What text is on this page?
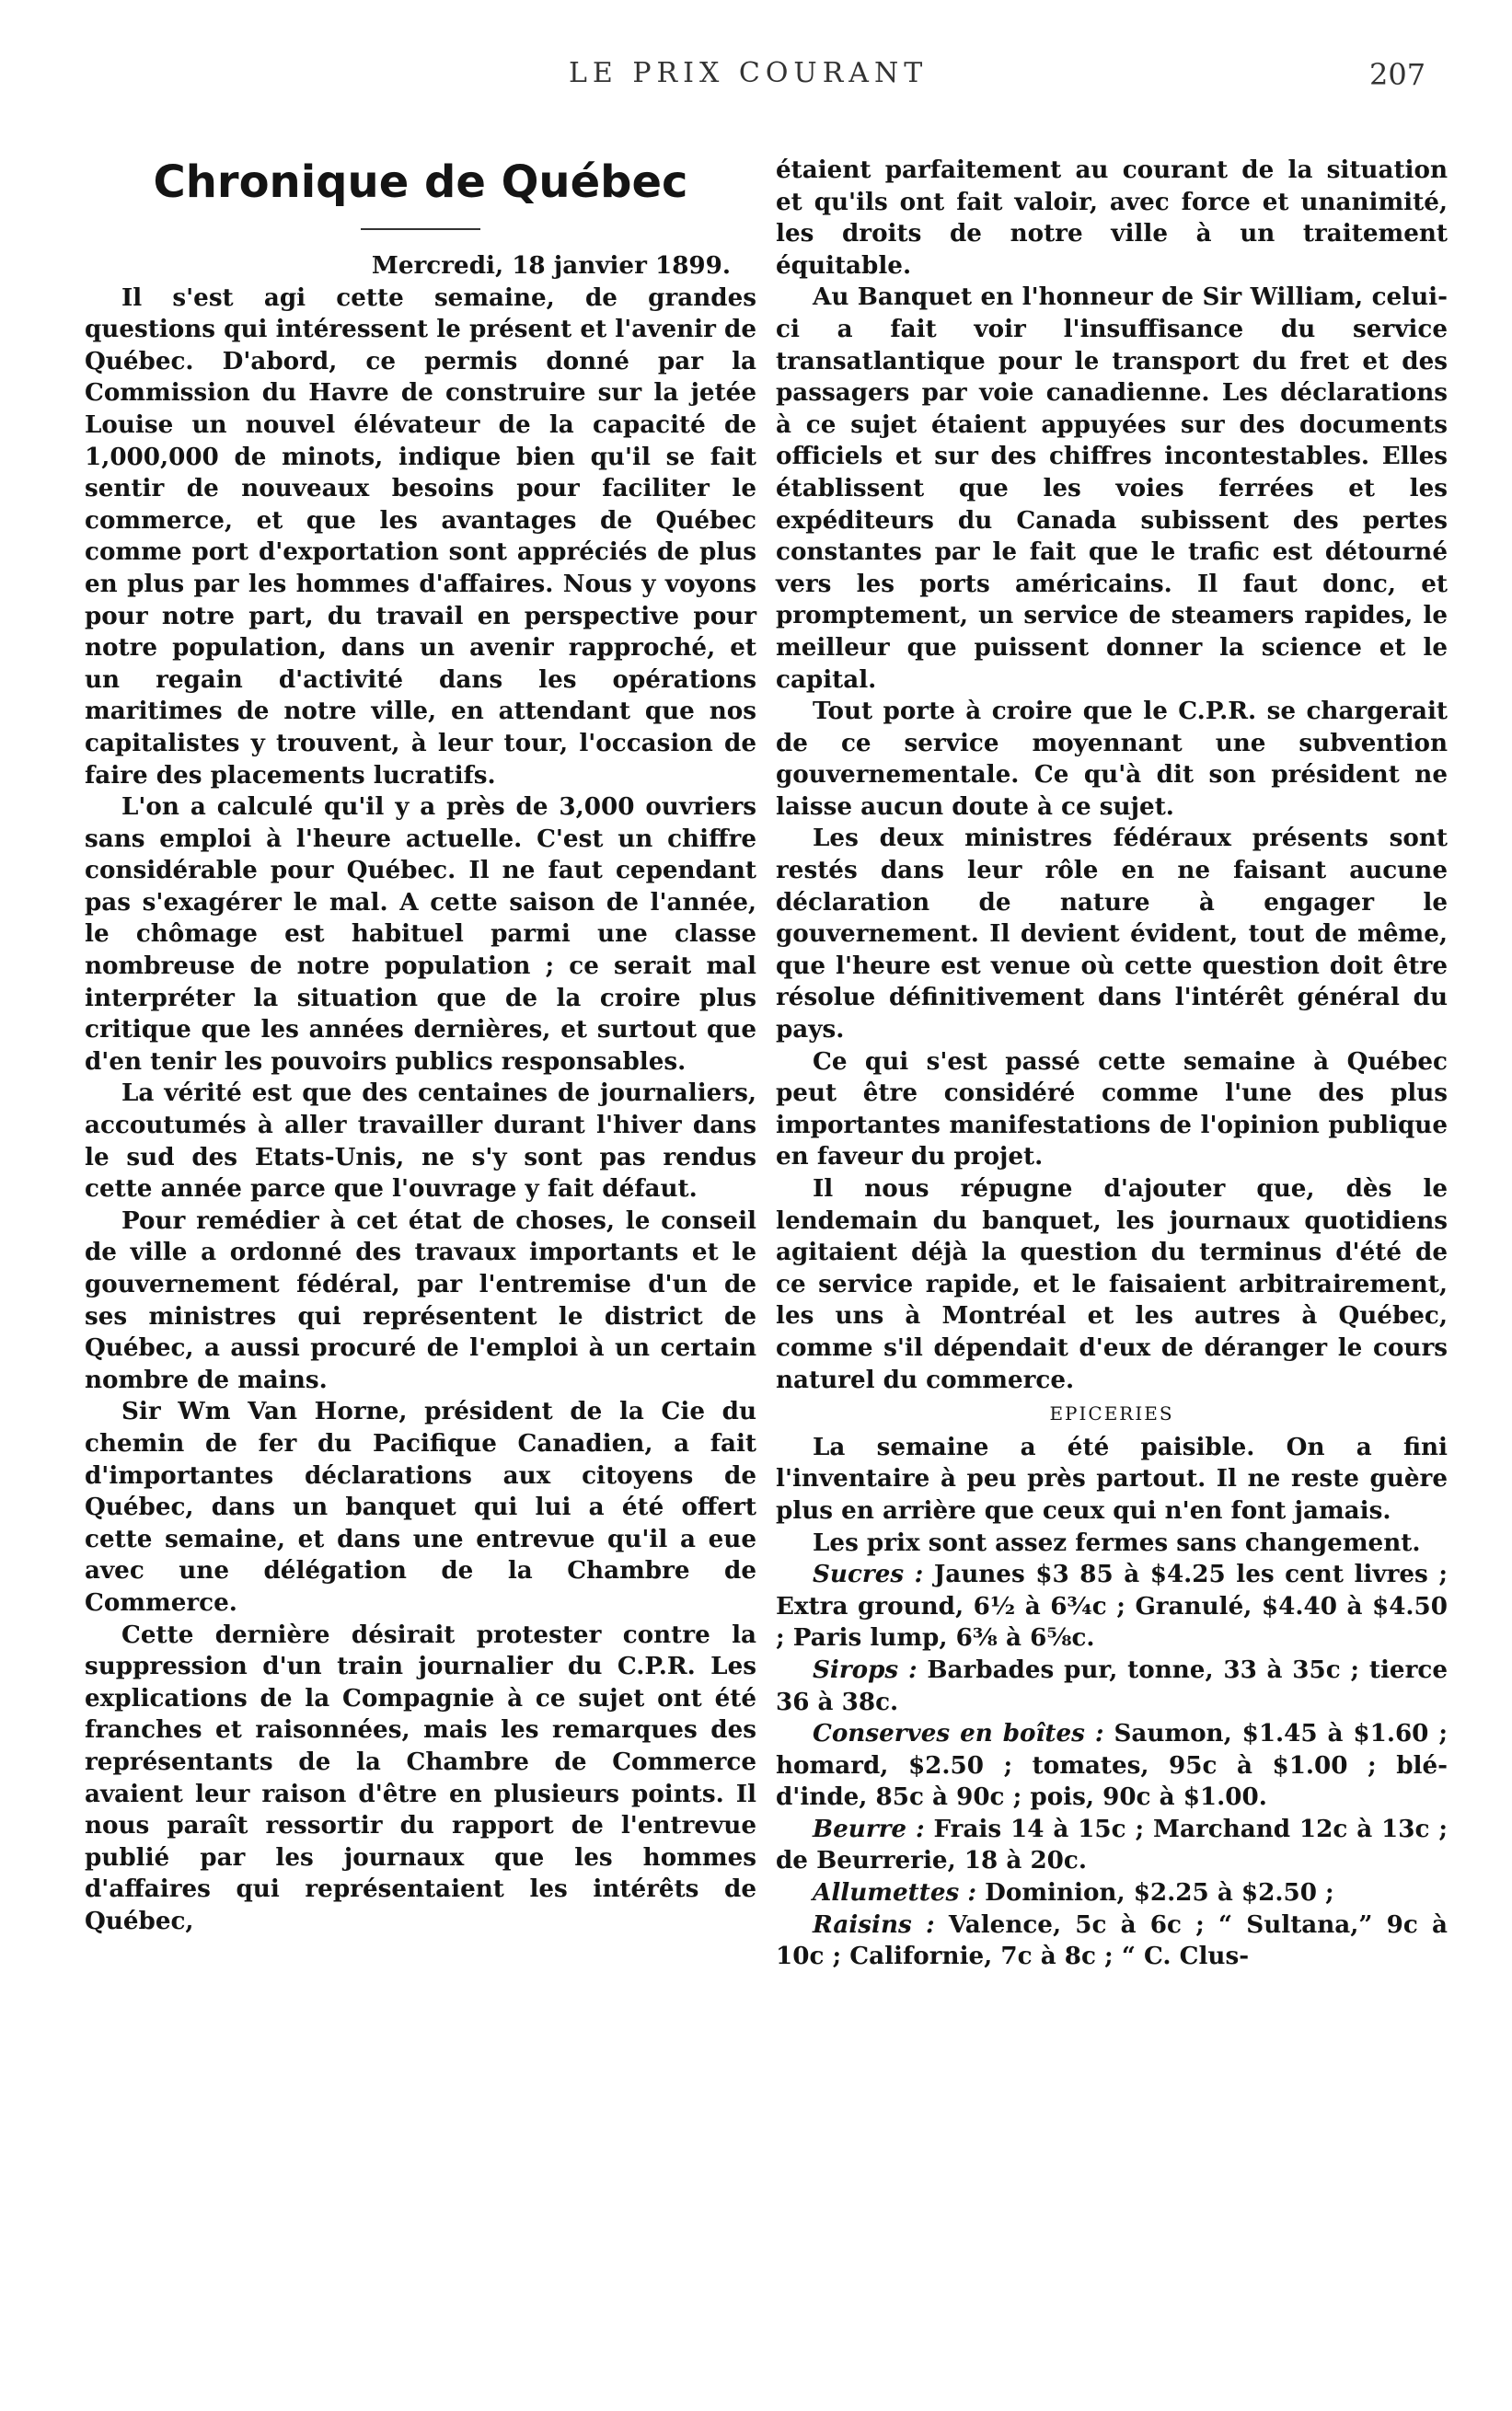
LE PRIX COURANT	207
Chronique de Québec

Mercredi, 18 janvier 1899.

Il s'est agi cette semaine, de grandes questions qui intéressent le présent et l'avenir de Québec. D'abord, ce permis donné par la Commission du Havre de construire sur la jetée Louise un nouvel élévateur de la capacité de 1,000,000 de minots, indique bien qu'il se fait sentir de nouveaux besoins pour faciliter le commerce, et que les avantages de Québec comme port d'exportation sont appréciés de plus en plus par les hommes d'affaires. Nous y voyons pour notre part, du travail en perspective pour notre population, dans un avenir rapproché, et un regain d'activité dans les opérations maritimes de notre ville, en attendant que nos capitalistes y trouvent, à leur tour, l'occasion de faire des placements lucratifs.

L'on a calculé qu'il y a près de 3,000 ouvriers sans emploi à l'heure actuelle. C'est un chiffre considérable pour Québec. Il ne faut cependant pas s'exagérer le mal. A cette saison de l'année, le chômage est habituel parmi une classe nombreuse de notre population ; ce serait mal interpréter la situation que de la croire plus critique que les années dernières, et surtout que d'en tenir les pouvoirs publics responsables.

La vérité est que des centaines de journaliers, accoutumés à aller travailler durant l'hiver dans le sud des Etats-Unis, ne s'y sont pas rendus cette année parce que l'ouvrage y fait défaut.

Pour remédier à cet état de choses, le conseil de ville a ordonné des travaux importants et le gouvernement fédéral, par l'entremise d'un de ses ministres qui représentent le district de Québec, a aussi procuré de l'emploi à un certain nombre de mains.

Sir Wm Van Horne, président de la Cie du chemin de fer du Pacifique Canadien, a fait d'importantes déclarations aux citoyens de Québec, dans un banquet qui lui a été offert cette semaine, et dans une entrevue qu'il a eue avec une délégation de la Chambre de Commerce.

Cette dernière désirait protester contre la suppression d'un train journalier du C.P.R. Les explications de la Compagnie à ce sujet ont été franches et raisonnées, mais les remarques des représentants de la Chambre de Commerce avaient leur raison d'être en plusieurs points. Il nous paraît ressortir du rapport de l'entrevue publié par les journaux que les hommes d'affaires qui représentaient les intérêts de Québec,

étaient parfaitement au courant de la situation et qu'ils ont fait valoir, avec force et unanimité, les droits de notre ville à un traitement équitable.

Au Banquet en l'honneur de Sir William, celui-ci a fait voir l'insuffisance du service transatlantique pour le transport du fret et des passagers par voie canadienne. Les déclarations à ce sujet étaient appuyées sur des documents officiels et sur des chiffres incontestables. Elles établissent que les voies ferrées et les expéditeurs du Canada subissent des pertes constantes par le fait que le trafic est détourné vers les ports américains. Il faut donc, et promptement, un service de steamers rapides, le meilleur que puissent donner la science et le capital.

Tout porte à croire que le C.P.R. se chargerait de ce service moyennant une subvention gouvernementale. Ce qu'à dit son président ne laisse aucun doute à ce sujet.

Les deux ministres fédéraux présents sont restés dans leur rôle en ne faisant aucune déclaration de nature à engager le gouvernement. Il devient évident, tout de même, que l'heure est venue où cette question doit être résolue définitivement dans l'intérêt général du pays.

Ce qui s'est passé cette semaine à Québec peut être considéré comme l'une des plus importantes manifestations de l'opinion publique en faveur du projet.

Il nous répugne d'ajouter que, dès le lendemain du banquet, les journaux quotidiens agitaient déjà la question du terminus d'été de ce service rapide, et le faisaient arbitrairement, les uns à Montréal et les autres à Québec, comme s'il dépendait d'eux de déranger le cours naturel du commerce.

EPICERIES

La semaine a été paisible. On a fini l'inventaire à peu près partout. Il ne reste guère plus en arrière que ceux qui n'en font jamais.

Les prix sont assez fermes sans changement.

Sucres : Jaunes $3 85 à $4.25 les cent livres ; Extra ground, 6½ à 6¾c ; Granulé, $4.40 à $4.50 ; Paris lump, 6⅜ à 6⅝c.

Sirops : Barbades pur, tonne, 33 à 35c ; tierce 36 à 38c.

Conserves en boîtes : Saumon, $1.45 à $1.60 ; homard, $2.50 ; tomates, 95c à $1.00 ; blé-d'inde, 85c à 90c ; pois, 90c à $1.00.

Beurre : Frais 14 à 15c ; Marchand 12c à 13c ; de Beurrerie, 18 à 20c.

Allumettes : Dominion, $2.25 à $2.50 ;

Raisins : Valence, 5c à 6c ; “ Sultana,” 9c à 10c ; Californie, 7c à 8c ; “ C. Clus-
